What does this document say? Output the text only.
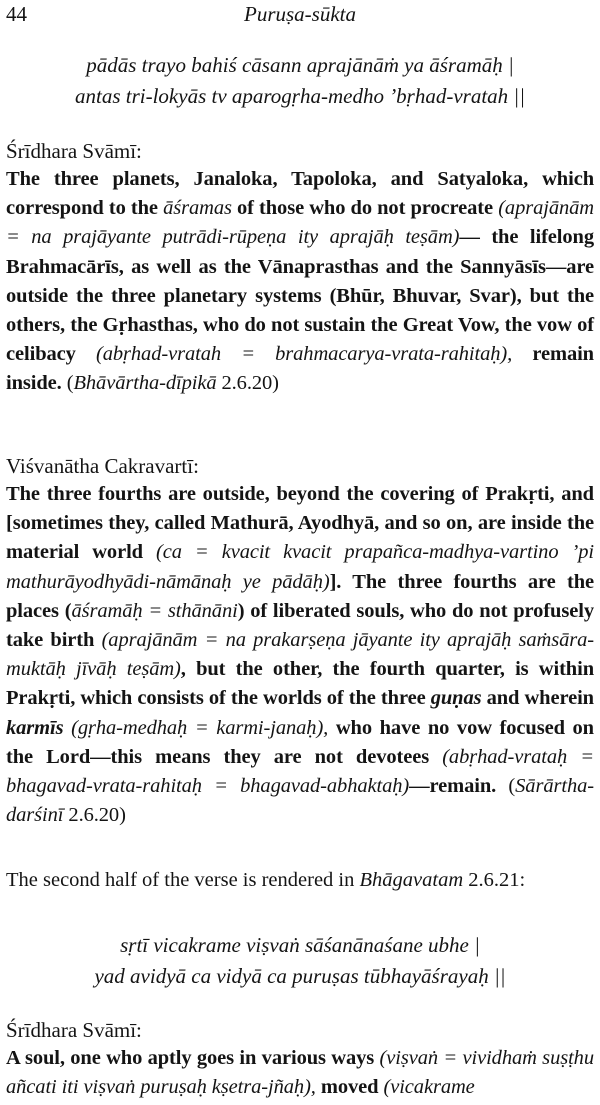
44	Puruṣa-sūkta
pādās trayo bahiś cāsann aprajānāṁ ya āśramāḥ |
antas tri-lokyās tv aparogṛha-medho ’bṛhad-vratah ||
Śrīdhara Svāmī:

The three planets, Janaloka, Tapoloka, and Satyaloka, which correspond to the āśramas of those who do not procreate (aprajānām = na prajāyante putrādi-rūpeṇa ity aprajāḥ teṣām)— the lifelong Brahmacārīs, as well as the Vānaprasthas and the Sannyāsīs—are outside the three planetary systems (Bhūr, Bhuvar, Svar), but the others, the Gṛhasthas, who do not sustain the Great Vow, the vow of celibacy (abṛhad-vratah = brahmacarya-vrata-rahitaḥ), remain inside. (Bhāvārtha-dīpikā 2.6.20)

Viśvanātha Cakravartī:

The three fourths are outside, beyond the covering of Prakṛti, and [sometimes they, called Mathurā, Ayodhyā, and so on, are inside the material world (ca = kvacit kvacit prapañca-madhya-vartino ’pi mathurāyodhyādi-nāmānaḥ ye pādāḥ)]. The three fourths are the places (āśramāḥ = sthānāni) of liberated souls, who do not profusely take birth (aprajānām = na prakarṣeṇa jāyante ity aprajāḥ saṁsāra-muktāḥ jīvāḥ teṣām), but the other, the fourth quarter, is within Prakṛti, which consists of the worlds of the three guṇas and wherein karmīs (gṛha-medhaḥ = karmi-janaḥ), who have no vow focused on the Lord—this means they are not devotees (abṛhad-vrataḥ = bhagavad-vrata-rahitaḥ = bhagavad-abhaktaḥ)—remain. (Sārārtha-darśinī 2.6.20)

The second half of the verse is rendered in Bhāgavatam 2.6.21:
sṛtī vicakrame viṣvaṅ sāśanānaśane ubhe |
yad avidyā ca vidyā ca puruṣas tūbhayāśrayaḥ ||
Śrīdhara Svāmī:

A soul, one who aptly goes in various ways (viṣvaṅ = vividhaṁ suṣṭhu añcati iti viṣvaṅ puruṣaḥ kṣetra-jñaḥ), moved (vicakrame
